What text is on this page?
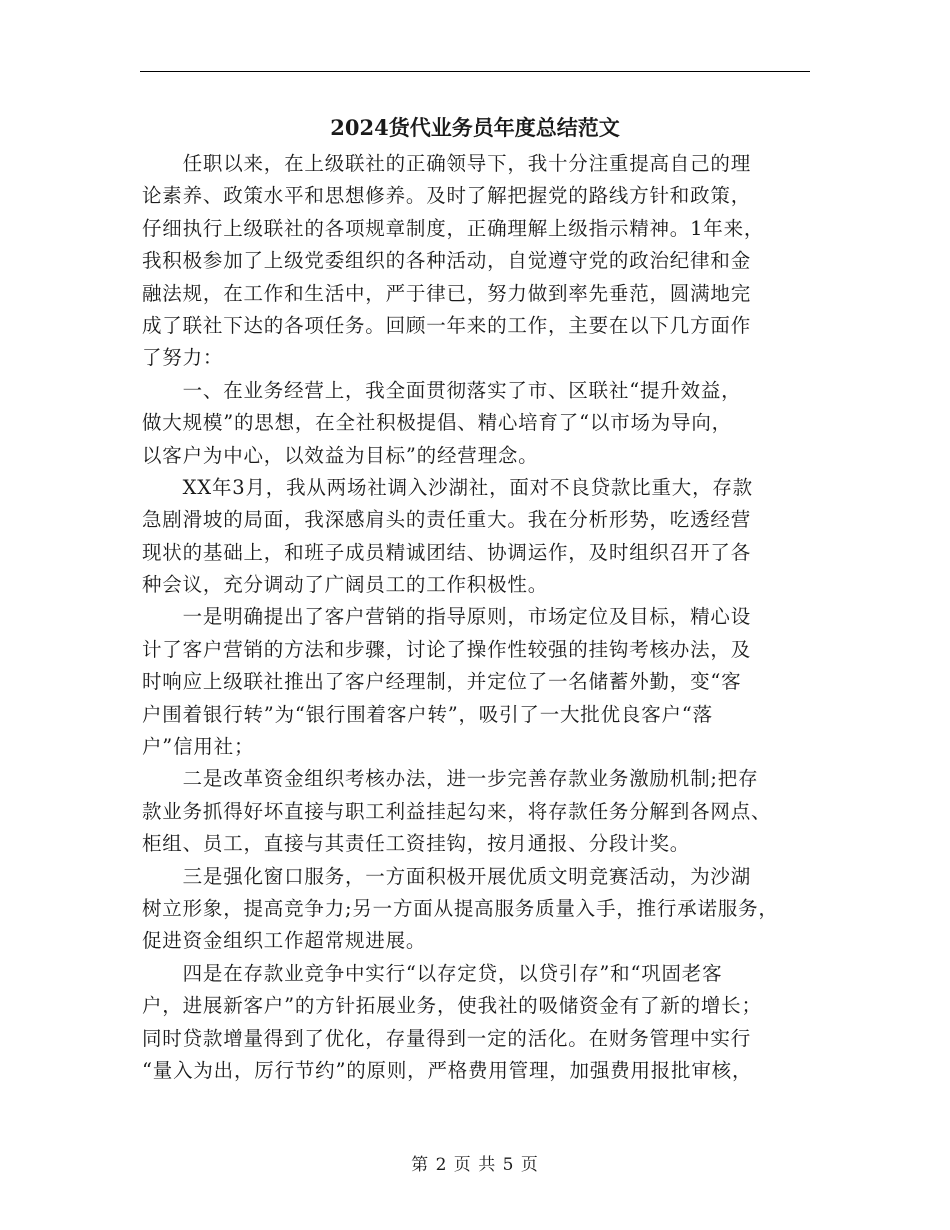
2024货代业务员年度总结范文
　　任职以来，在上级联社的正确领导下，我十分注重提高自己的理
论素养、政策水平和思想修养。及时了解把握党的路线方针和政策，
仔细执行上级联社的各项规章制度，正确理解上级指示精神。1年来，
我积极参加了上级党委组织的各种活动，自觉遵守党的政治纪律和金
融法规，在工作和生活中，严于律已，努力做到率先垂范，圆满地完
成了联社下达的各项任务。回顾一年来的工作，主要在以下几方面作
了努力：
　　一、在业务经营上，我全面贯彻落实了市、区联社“提升效益，
做大规模”的思想，在全社积极提倡、精心培育了“以市场为导向，
以客户为中心，以效益为目标”的经营理念。
　　XX年3月，我从两场社调入沙湖社，面对不良贷款比重大，存款
急剧滑坡的局面，我深感肩头的责任重大。我在分析形势，吃透经营
现状的基础上，和班子成员精诚团结、协调运作，及时组织召开了各
种会议，充分调动了广阔员工的工作积极性。
　　一是明确提出了客户营销的指导原则，市场定位及目标，精心设
计了客户营销的方法和步骤，讨论了操作性较强的挂钩考核办法，及
时响应上级联社推出了客户经理制，并定位了一名储蓄外勤，变“客
户围着银行转”为“银行围着客户转”，吸引了一大批优良客户“落
户”信用社；
　　二是改革资金组织考核办法，进一步完善存款业务激励机制;把存
款业务抓得好坏直接与职工利益挂起勾来，将存款任务分解到各网点、
柜组、员工，直接与其责任工资挂钩，按月通报、分段计奖。
　　三是强化窗口服务，一方面积极开展优质文明竞赛活动，为沙湖
树立形象，提高竞争力;另一方面从提高服务质量入手，推行承诺服务，
促进资金组织工作超常规进展。
　　四是在存款业竞争中实行“以存定贷，以贷引存”和“巩固老客
户，进展新客户”的方针拓展业务，使我社的吸储资金有了新的增长；
同时贷款增量得到了优化，存量得到一定的活化。在财务管理中实行
“量入为出，厉行节约”的原则，严格费用管理，加强费用报批审核，
第 2 页 共 5 页
